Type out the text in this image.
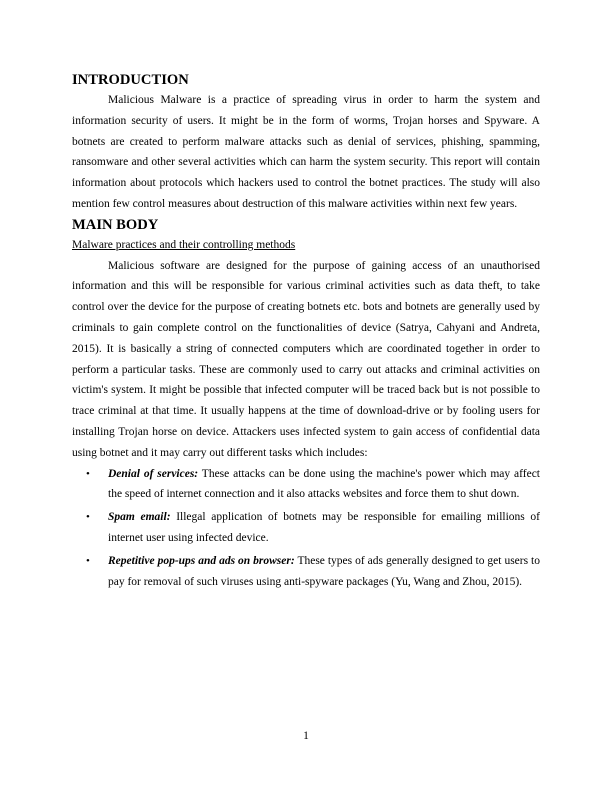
INTRODUCTION

Malicious Malware is a practice of spreading virus in order to harm the system and information security of users. It might be in the form of worms, Trojan horses and Spyware. A botnets are created to perform malware attacks such as denial of services, phishing, spamming, ransomware and other several activities which can harm the system security. This report will contain information about protocols which hackers used to control the botnet practices. The study will also mention few control measures about destruction of this malware activities within next few years.

MAIN BODY
Malware practices and their controlling methods

Malicious software are designed for the purpose of gaining access of an unauthorised information and this will be responsible for various criminal activities such as data theft, to take control over the device for the purpose of creating botnets etc. bots and botnets are generally used by criminals to gain complete control on the functionalities of device (Satrya, Cahyani and Andreta, 2015). It is basically a string of connected computers which are coordinated together in order to perform a particular tasks. These are commonly used to carry out attacks and criminal activities on victim's system. It might be possible that infected computer will be traced back but is not possible to trace criminal at that time. It usually happens at the time of download-drive or by fooling users for installing Trojan horse on device. Attackers uses infected system to gain access of confidential data using botnet and it may carry out different tasks which includes:

• Denial of services: These attacks can be done using the machine's power which may affect the speed of internet connection and it also attacks websites and force them to shut down.
• Spam email: Illegal application of botnets may be responsible for emailing millions of internet user using infected device.
• Repetitive pop-ups and ads on browser: These types of ads generally designed to get users to pay for removal of such viruses using anti-spyware packages (Yu, Wang and Zhou, 2015).
1
